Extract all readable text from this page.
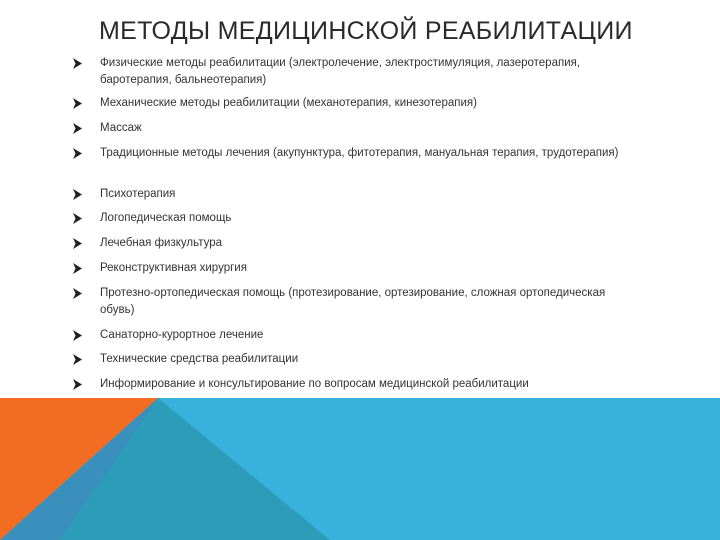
МЕТОДЫ МЕДИЦИНСКОЙ РЕАБИЛИТАЦИИ
Физические методы реабилитации (электролечение, электростимуляция, лазеротерапия, баротерапия, бальнеотерапия)
Механические методы реабилитации (механотерапия, кинезотерапия)
Массаж
Традиционные методы лечения (акупунктура, фитотерапия, мануальная терапия, трудотерапия)
Психотерапия
Логопедическая помощь
Лечебная физкультура
Реконструктивная хирургия
Протезно-ортопедическая помощь (протезирование, ортезирование, сложная ортопедическая обувь)
Санаторно-курортное лечение
Технические средства реабилитации
Информирование и консультирование по вопросам медицинской реабилитации
